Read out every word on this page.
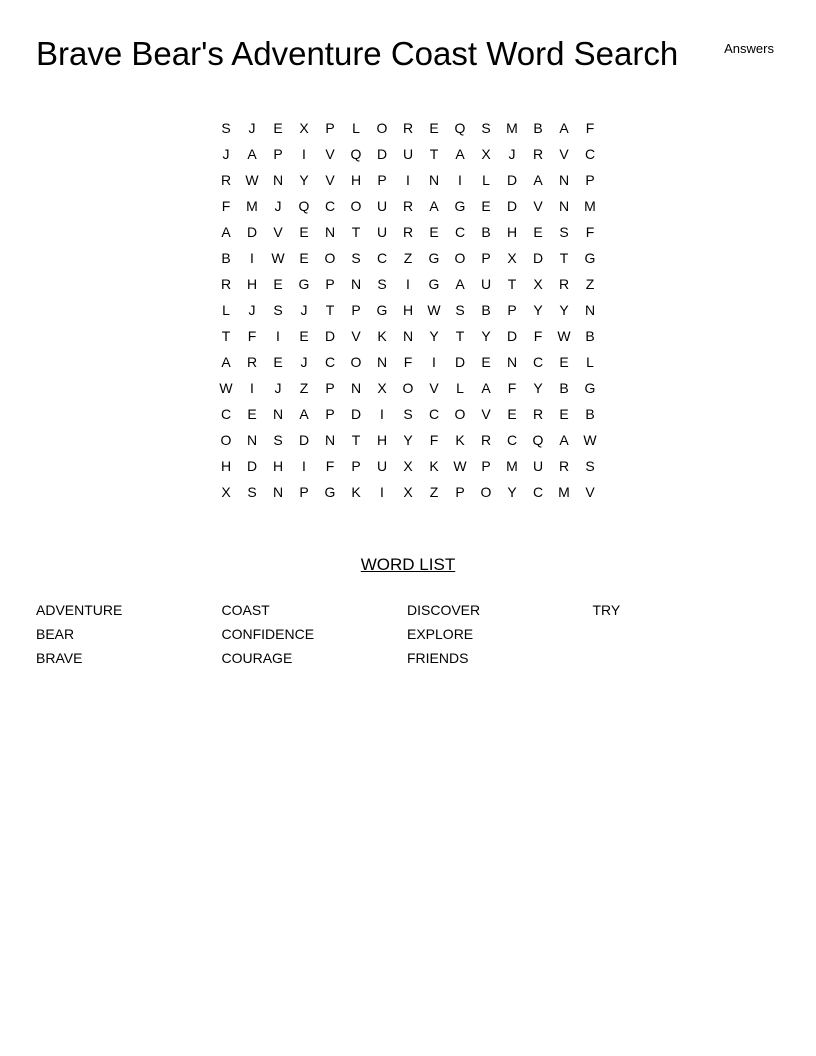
Brave Bear's Adventure Coast Word Search	Answers
S	J	E	X	P	L	O	R	E	Q	S	M	B	A	F
J	A	P	I	V	Q	D	U	T	A	X	J	R	V	C
R	W	N	Y	V	H	P	I	N	I	L	D	A	N	P
F	M	J	Q	C	O	U	R	A	G	E	D	V	N	M
A	D	V	E	N	T	U	R	E	C	B	H	E	S	F
B	I	W	E	O	S	C	Z	G	O	P	X	D	T	G
R	H	E	G	P	N	S	I	G	A	U	T	X	R	Z
L	J	S	J	T	P	G	H	W	S	B	P	Y	Y	N
T	F	I	E	D	V	K	N	Y	T	Y	D	F	W	B
A	R	E	J	C	O	N	F	I	D	E	N	C	E	L
W	I	J	Z	P	N	X	O	V	L	A	F	Y	B	G
C	E	N	A	P	D	I	S	C	O	V	E	R	E	B
O	N	S	D	N	T	H	Y	F	K	R	C	Q	A	W
H	D	H	I	F	P	U	X	K	W	P	M	U	R	S
X	S	N	P	G	K	I	X	Z	P	O	Y	C	M	V
WORD LIST
ADVENTURE
BEAR
BRAVE
COAST
CONFIDENCE
COURAGE
DISCOVER
EXPLORE
FRIENDS
TRY
